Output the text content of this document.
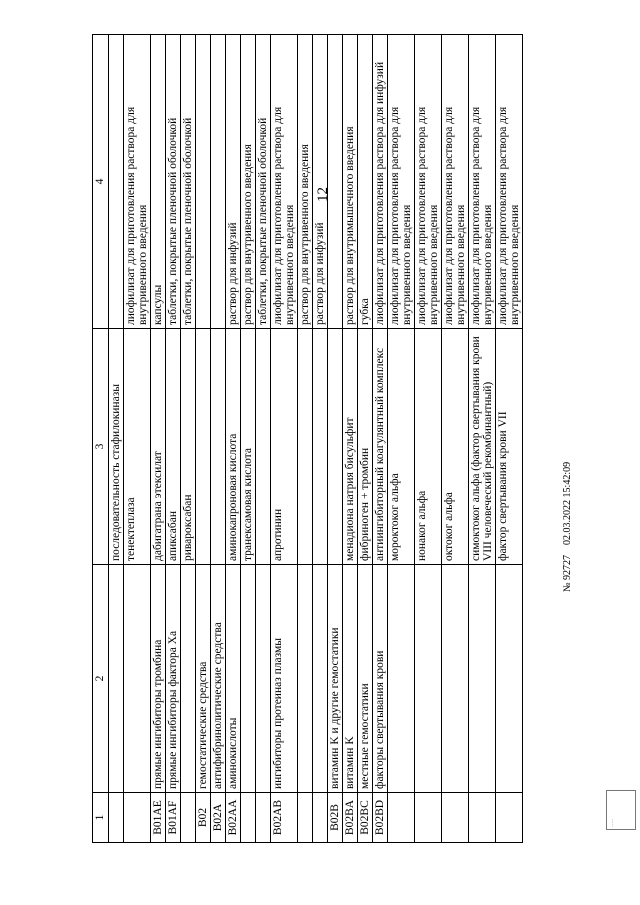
12
1	2	3	4
		последовательность стафилокиназы	
		тенектеплаза	лиофилизат для приготовления раствора для внутривенного введения
B01AE	прямые ингибиторы тромбина	дабигатрана этексилат	капсулы
B01AF	прямые ингибиторы фактора Xa	апиксабан	таблетки, покрытые пленочной оболочкой
		ривароксабан	таблетки, покрытые пленочной оболочкой
B02	гемостатические средства		
B02A	антифибринолитические средства		
B02AA	аминокислоты	аминокапроновая кислота	раствор для инфузий
		транексамовая кислота	раствор для внутривенного введения
			таблетки, покрытые пленочной оболочкой
B02AB	ингибиторы протеиназ плазмы	апротинин	лиофилизат для приготовления раствора для внутривенного введения
			раствор для внутривенного введения
			раствор для инфузий
B02B	витамин K и другие гемостатики		
B02BA	витамин K	менадиона натрия бисульфит	раствор для внутримышечного введения
B02BC	местные гемостатики	фибриноген + тромбин	губка
B02BD	факторы свертывания крови	антиингибиторный коагулянтный комплекс	лиофилизат для приготовления раствора для инфузий
		мороктоког альфа	лиофилизат для приготовления раствора для внутривенного введения
		нонаког альфа	лиофилизат для приготовления раствора для внутривенного введения
		октоког альфа	лиофилизат для приготовления раствора для внутривенного введения
		симоктоког альфа (фактор свертывания крови VIII человеческий рекомбинантный)	лиофилизат для приготовления раствора для внутривенного введения
		фактор свертывания крови VII	лиофилизат для приготовления раствора для внутривенного введения
№ 92727
02.03.2022 15:42:09
·····
